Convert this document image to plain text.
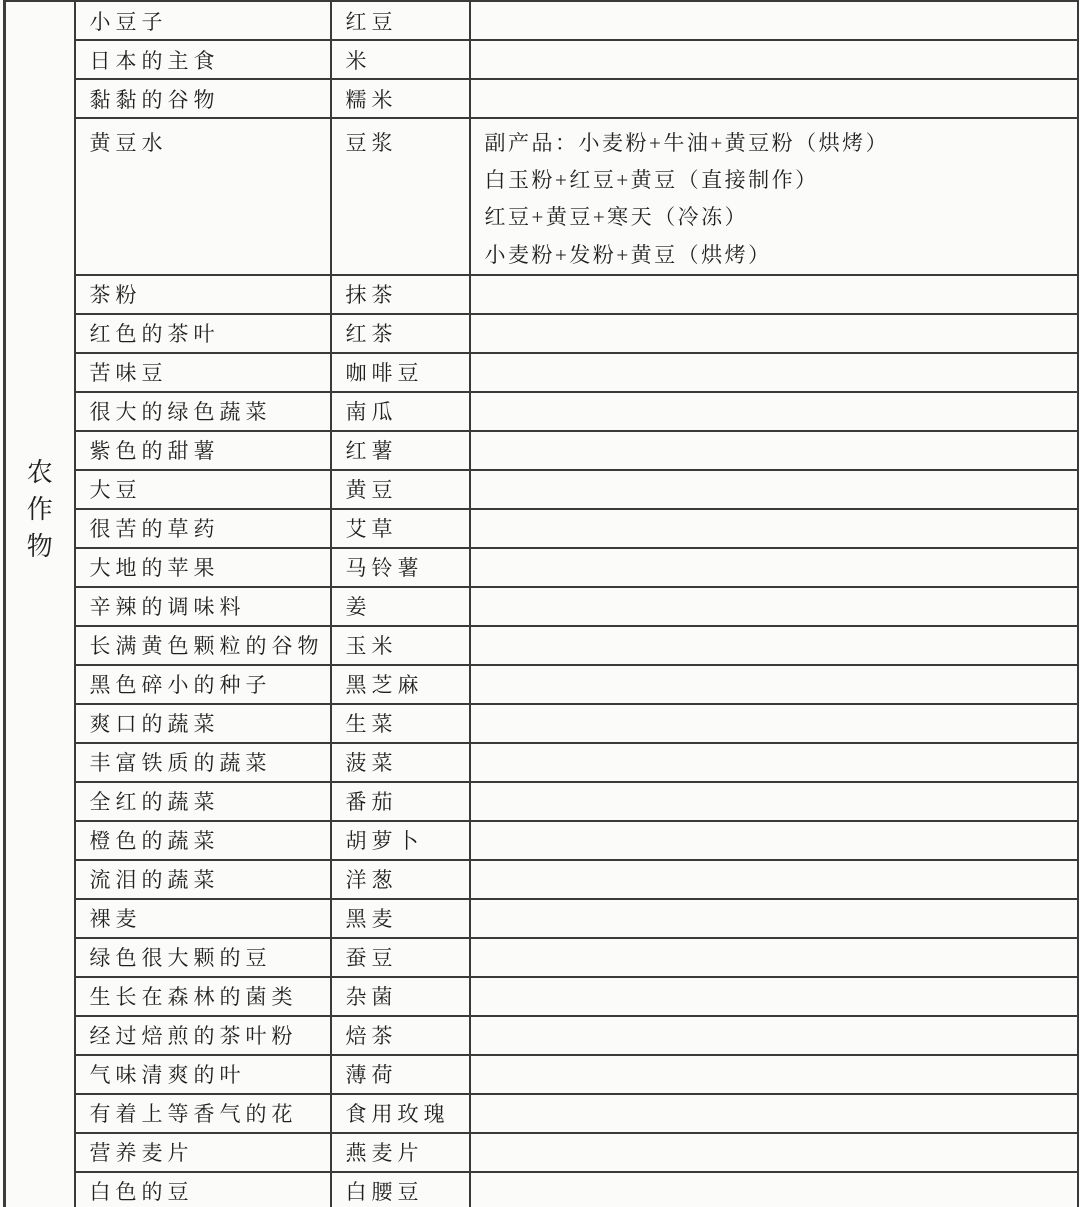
农作物	小豆子	红豆	
	日本的主食	米	
	黏黏的谷物	糯米	
	黄豆水	豆浆	副产品：小麦粉+牛油+黄豆粉（烘烤）
白玉粉+红豆+黄豆（直接制作）
红豆+黄豆+寒天（冷冻）
小麦粉+发粉+黄豆（烘烤）

	茶粉	抹茶	
	红色的茶叶	红茶	
	苦味豆	咖啡豆	
	很大的绿色蔬菜	南瓜	
	紫色的甜薯	红薯	
	大豆	黄豆	
	很苦的草药	艾草	
	大地的苹果	马铃薯	
	辛辣的调味料	姜	
	长满黄色颗粒的谷物	玉米	
	黑色碎小的种子	黑芝麻	
	爽口的蔬菜	生菜	
	丰富铁质的蔬菜	菠菜	
	全红的蔬菜	番茄	
	橙色的蔬菜	胡萝卜	
	流泪的蔬菜	洋葱	
	裸麦	黑麦	
	绿色很大颗的豆	蚕豆	
	生长在森林的菌类	杂菌	
	经过焙煎的茶叶粉	焙茶	
	气味清爽的叶	薄荷	
	有着上等香气的花	食用玫瑰	
	营养麦片	燕麦片	
	白色的豆	白腰豆	
